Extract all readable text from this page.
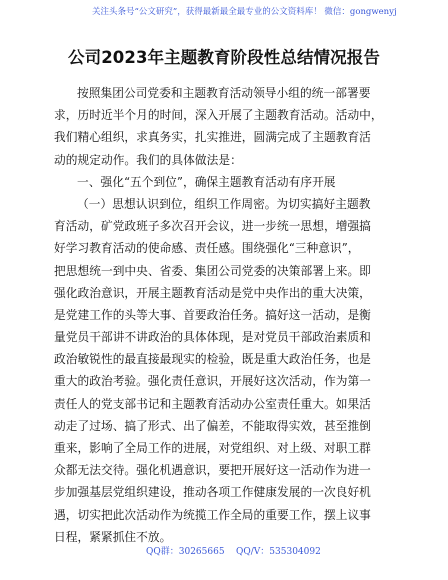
关注头条号“公文研究”，获得最新最全最专业的公文资料库！ 微信：gongwenyj
公司2023年主题教育阶段性总结情况报告
按照集团公司党委和主题教育活动领导小组的统一部署要
求，历时近半个月的时间，深入开展了主题教育活动。活动中，
我们精心组织，求真务实，扎实推进，圆满完成了主题教育活
动的规定动作。我们的具体做法是：
一、强化“五个到位”，确保主题教育活动有序开展
（一）思想认识到位，组织工作周密。为切实搞好主题教
育活动，矿党政班子多次召开会议，进一步统一思想，增强搞
好学习教育活动的使命感、责任感。围绕强化“三种意识”，
把思想统一到中央、省委、集团公司党委的决策部署上来。即
强化政治意识，开展主题教育活动是党中央作出的重大决策，
是党建工作的头等大事、首要政治任务。搞好这一活动，是衡
量党员干部讲不讲政治的具体体现，是对党员干部政治素质和
政治敏锐性的最直接最现实的检验，既是重大政治任务，也是
重大的政治考验。强化责任意识，开展好这次活动，作为第一
责任人的党支部书记和主题教育活动办公室责任重大。如果活
动走了过场、搞了形式、出了偏差，不能取得实效，甚至推倒
重来，影响了全局工作的进展，对党组织、对上级、对职工群
众都无法交待。强化机遇意识，要把开展好这一活动作为进一
步加强基层党组织建设，推动各项工作健康发展的一次良好机
遇，切实把此次活动作为统揽工作全局的重要工作，摆上议事
日程，紧紧抓住不放。
QQ群：30265665 QQ/V：535304092
